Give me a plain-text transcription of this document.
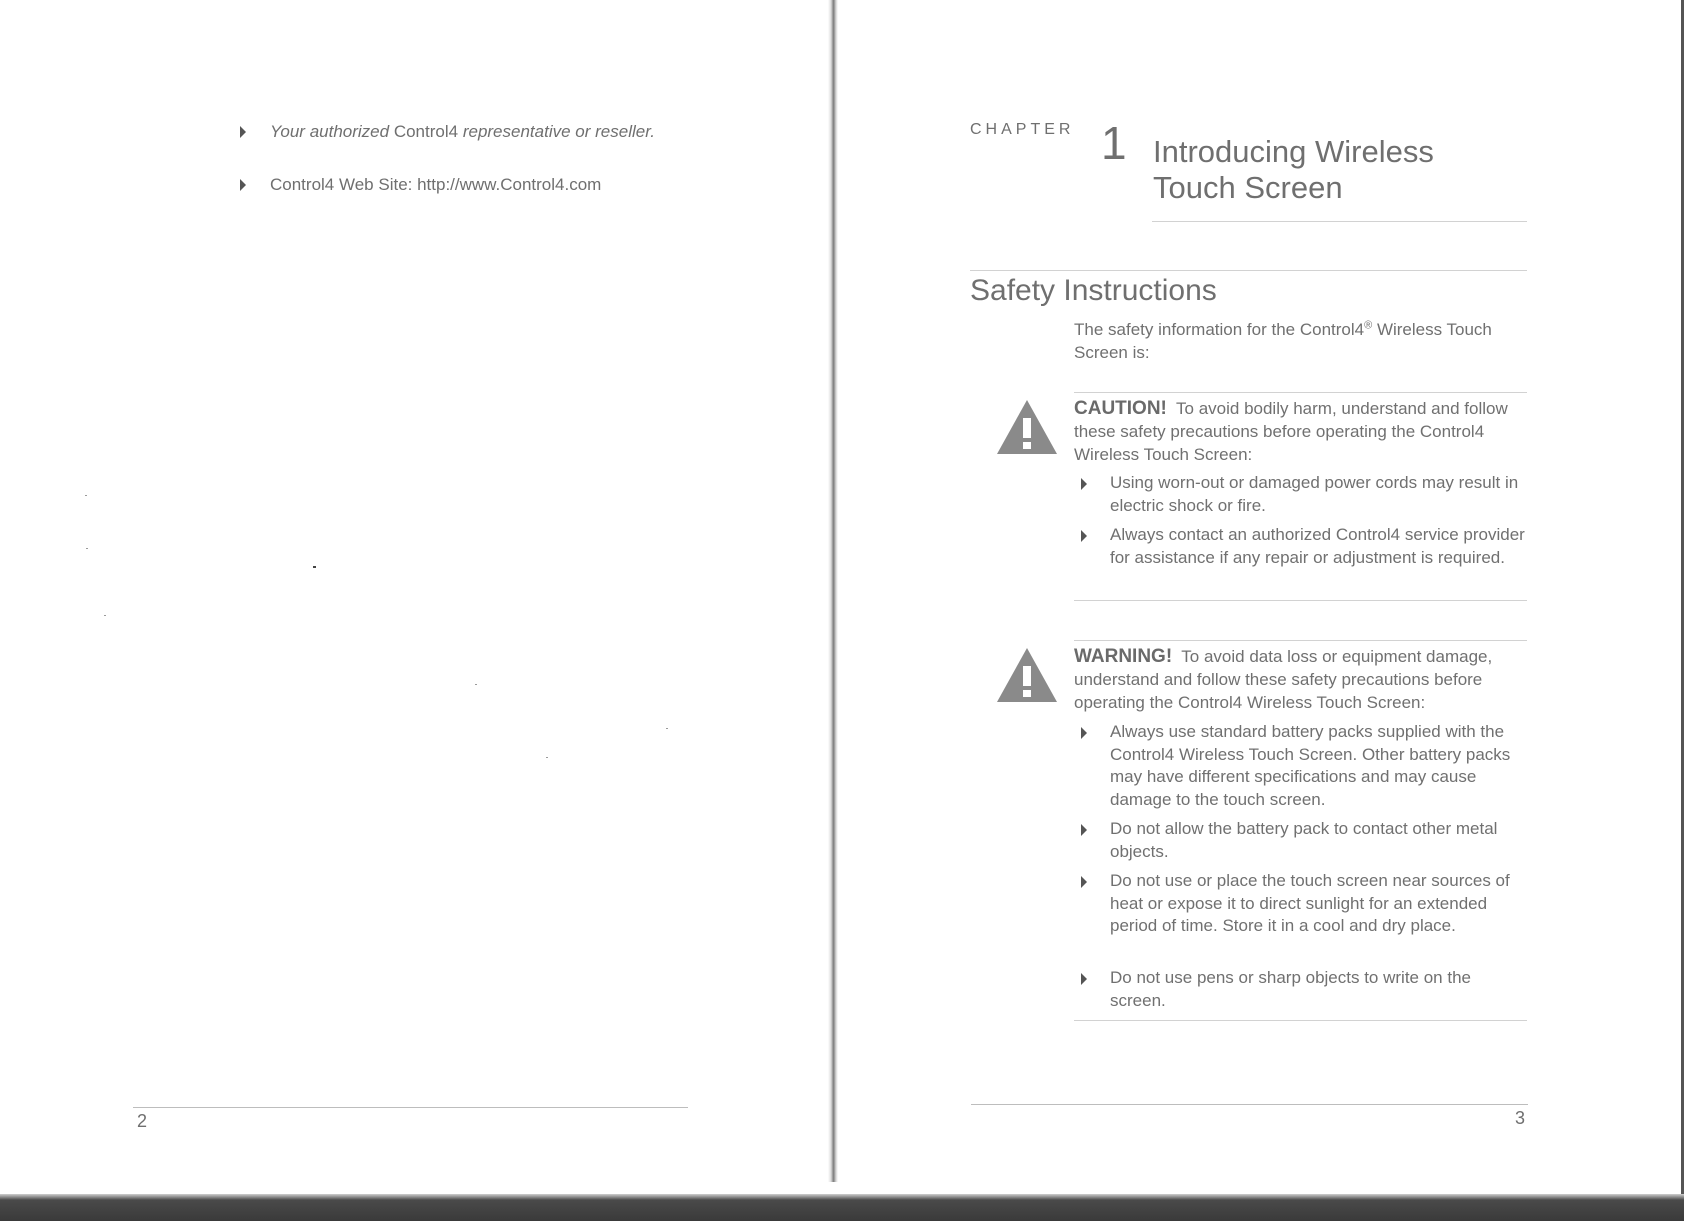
Your authorized Control4 representative or reseller.
Control4 Web Site: http://www.Control4.com
2
CHAPTER 1 Introducing Wireless Touch Screen
Safety Instructions
The safety information for the Control4® Wireless Touch Screen is:
CAUTION! To avoid bodily harm, understand and follow these safety precautions before operating the Control4 Wireless Touch Screen:
Using worn-out or damaged power cords may result in electric shock or fire.
Always contact an authorized Control4 service provider for assistance if any repair or adjustment is required.
WARNING! To avoid data loss or equipment damage, understand and follow these safety precautions before operating the Control4 Wireless Touch Screen:
Always use standard battery packs supplied with the Control4 Wireless Touch Screen. Other battery packs may have different specifications and may cause damage to the touch screen.
Do not allow the battery pack to contact other metal objects.
Do not use or place the touch screen near sources of heat or expose it to direct sunlight for an extended period of time. Store it in a cool and dry place.
Do not use pens or sharp objects to write on the screen.
3
